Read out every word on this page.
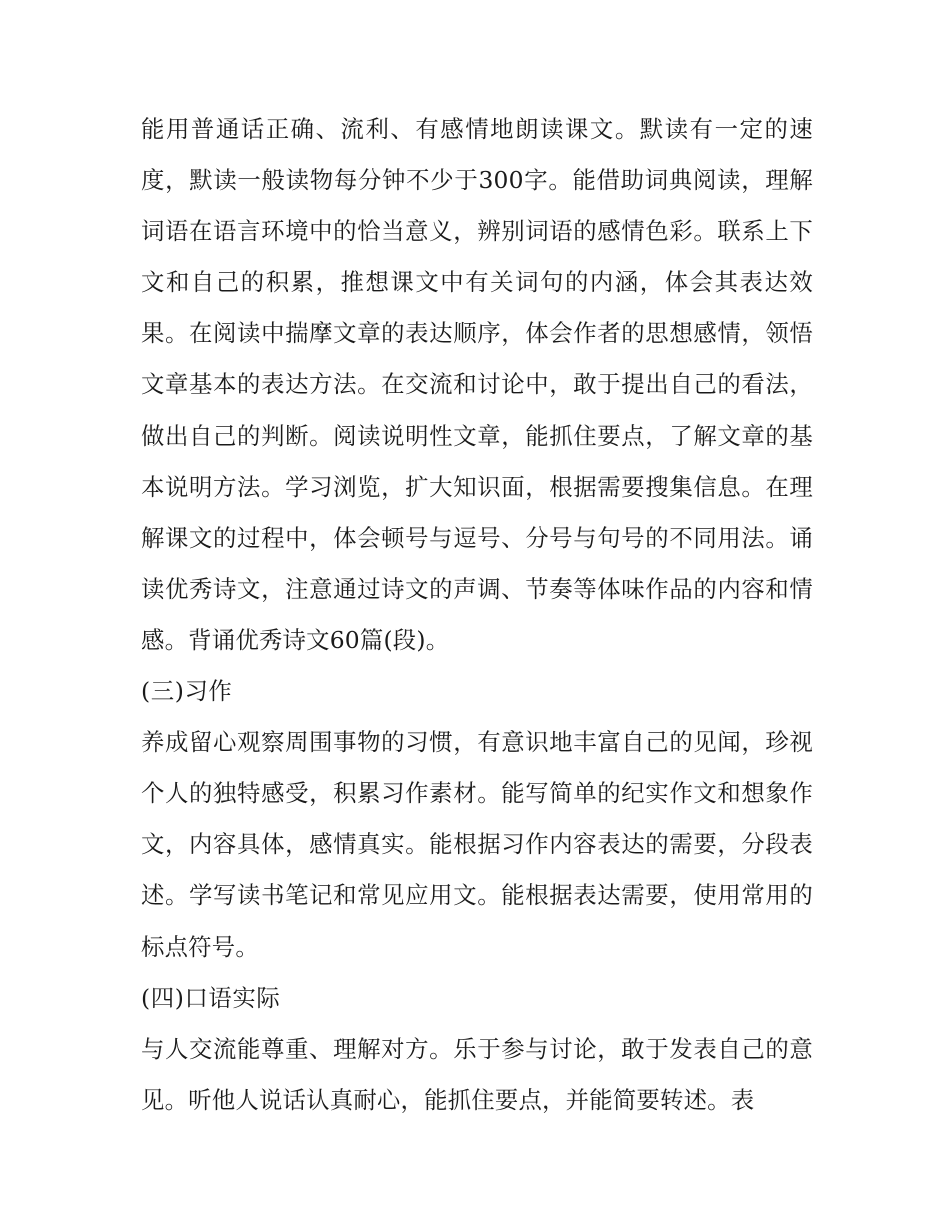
能用普通话正确、流利、有感情地朗读课文。默读有一定的速度，默读一般读物每分钟不少于300字。能借助词典阅读，理解词语在语言环境中的恰当意义，辨别词语的感情色彩。联系上下文和自己的积累，推想课文中有关词句的内涵，体会其表达效果。在阅读中揣摩文章的表达顺序，体会作者的思想感情，领悟文章基本的表达方法。在交流和讨论中，敢于提出自己的看法，做出自己的判断。阅读说明性文章，能抓住要点，了解文章的基本说明方法。学习浏览，扩大知识面，根据需要搜集信息。在理解课文的过程中，体会顿号与逗号、分号与句号的不同用法。诵读优秀诗文，注意通过诗文的声调、节奏等体味作品的内容和情感。背诵优秀诗文60篇(段)。

(三)习作

养成留心观察周围事物的习惯，有意识地丰富自己的见闻，珍视个人的独特感受，积累习作素材。能写简单的纪实作文和想象作文，内容具体，感情真实。能根据习作内容表达的需要，分段表述。学写读书笔记和常见应用文。能根据表达需要，使用常用的标点符号。

(四)口语实际

与人交流能尊重、理解对方。乐于参与讨论，敢于发表自己的意见。听他人说话认真耐心，能抓住要点，并能简要转述。表
